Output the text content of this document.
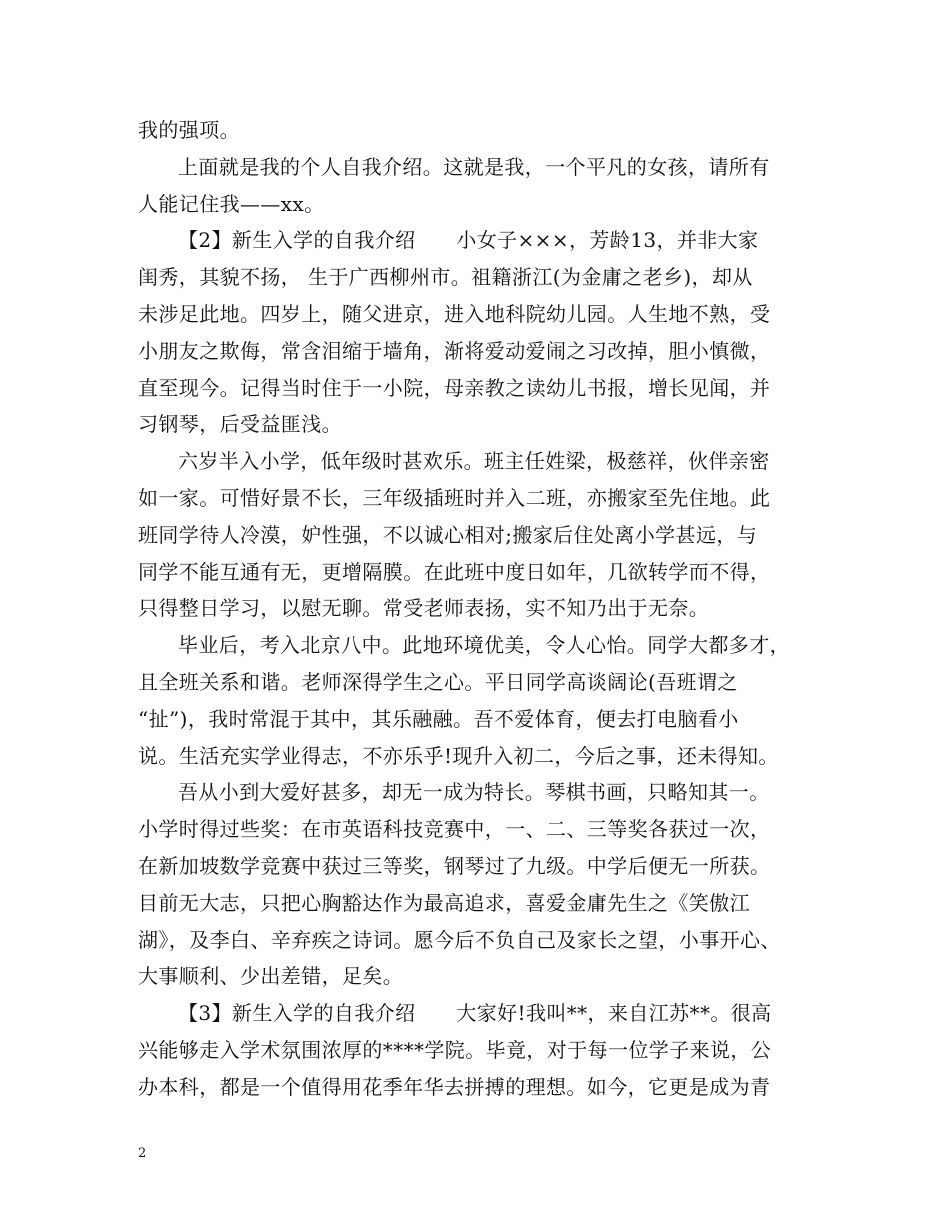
我的强项。
上面就是我的个人自我介绍。这就是我，一个平凡的女孩，请所有
人能记住我——xx。
【2】新生入学的自我介绍　　小女子×××，芳龄13，并非大家
闺秀，其貌不扬， 生于广西柳州市。祖籍浙江(为金庸之老乡)，却从
未涉足此地。四岁上，随父进京，进入地科院幼儿园。人生地不熟，受
小朋友之欺侮，常含泪缩于墙角，渐将爱动爱闹之习改掉，胆小慎微，
直至现今。记得当时住于一小院，母亲教之读幼儿书报，增长见闻，并
习钢琴，后受益匪浅。
六岁半入小学，低年级时甚欢乐。班主任姓梁，极慈祥，伙伴亲密
如一家。可惜好景不长，三年级插班时并入二班，亦搬家至先住地。此
班同学待人冷漠，妒性强，不以诚心相对;搬家后住处离小学甚远，与
同学不能互通有无，更增隔膜。在此班中度日如年，几欲转学而不得，
只得整日学习，以慰无聊。常受老师表扬，实不知乃出于无奈。
毕业后，考入北京八中。此地环境优美，令人心怡。同学大都多才，
且全班关系和谐。老师深得学生之心。平日同学高谈阔论(吾班谓之
“扯”)，我时常混于其中，其乐融融。吾不爱体育，便去打电脑看小
说。生活充实学业得志，不亦乐乎!现升入初二，今后之事，还未得知。
吾从小到大爱好甚多，却无一成为特长。琴棋书画，只略知其一。
小学时得过些奖：在市英语科技竞赛中，一、二、三等奖各获过一次，
在新加坡数学竞赛中获过三等奖，钢琴过了九级。中学后便无一所获。
目前无大志，只把心胸豁达作为最高追求，喜爱金庸先生之《笑傲江
湖》，及李白、辛弃疾之诗词。愿今后不负自己及家长之望，小事开心、
大事顺利、少出差错，足矣。
【3】新生入学的自我介绍　　大家好!我叫**，来自江苏**。很高
兴能够走入学术氛围浓厚的****学院。毕竟，对于每一位学子来说，公
办本科，都是一个值得用花季年华去拼搏的理想。如今，它更是成为青
2
